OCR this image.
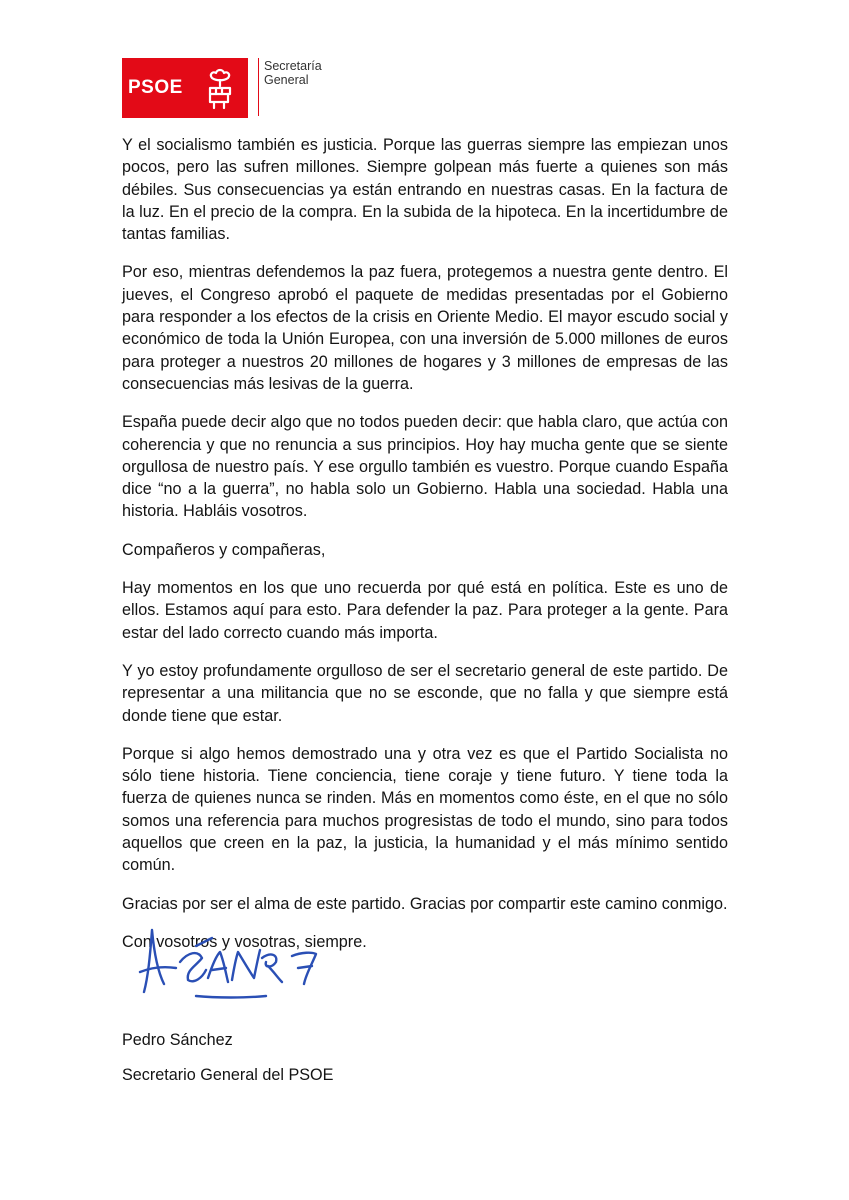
PSOE
Secretaría
General

Y el socialismo también es justicia. Porque las guerras siempre las empiezan unos pocos, pero las sufren millones. Siempre golpean más fuerte a quienes son más débiles. Sus consecuencias ya están entrando en nuestras casas. En la factura de la luz. En el precio de la compra. En la subida de la hipoteca. En la incertidumbre de tantas familias.

Por eso, mientras defendemos la paz fuera, protegemos a nuestra gente dentro. El jueves, el Congreso aprobó el paquete de medidas presentadas por el Gobierno para responder a los efectos de la crisis en Oriente Medio. El mayor escudo social y económico de toda la Unión Europea, con una inversión de 5.000 millones de euros para proteger a nuestros 20 millones de hogares y 3 millones de empresas de las consecuencias más lesivas de la guerra.

España puede decir algo que no todos pueden decir: que habla claro, que actúa con coherencia y que no renuncia a sus principios. Hoy hay mucha gente que se siente orgullosa de nuestro país. Y ese orgullo también es vuestro. Porque cuando España dice “no a la guerra”, no habla solo un Gobierno. Habla una sociedad. Habla una historia. Habláis vosotros.

Compañeros y compañeras,

Hay momentos en los que uno recuerda por qué está en política. Este es uno de ellos. Estamos aquí para esto. Para defender la paz. Para proteger a la gente. Para estar del lado correcto cuando más importa.

Y yo estoy profundamente orgulloso de ser el secretario general de este partido. De representar a una militancia que no se esconde, que no falla y que siempre está donde tiene que estar.

Porque si algo hemos demostrado una y otra vez es que el Partido Socialista no sólo tiene historia. Tiene conciencia, tiene coraje y tiene futuro. Y tiene toda la fuerza de quienes nunca se rinden. Más en momentos como éste, en el que no sólo somos una referencia para muchos progresistas de todo el mundo, sino para todos aquellos que creen en la paz, la justicia, la humanidad y el más mínimo sentido común.

Gracias por ser el alma de este partido. Gracias por compartir este camino conmigo.

Con vosotros y vosotras, siempre.

Pedro Sánchez
Secretario General del PSOE
